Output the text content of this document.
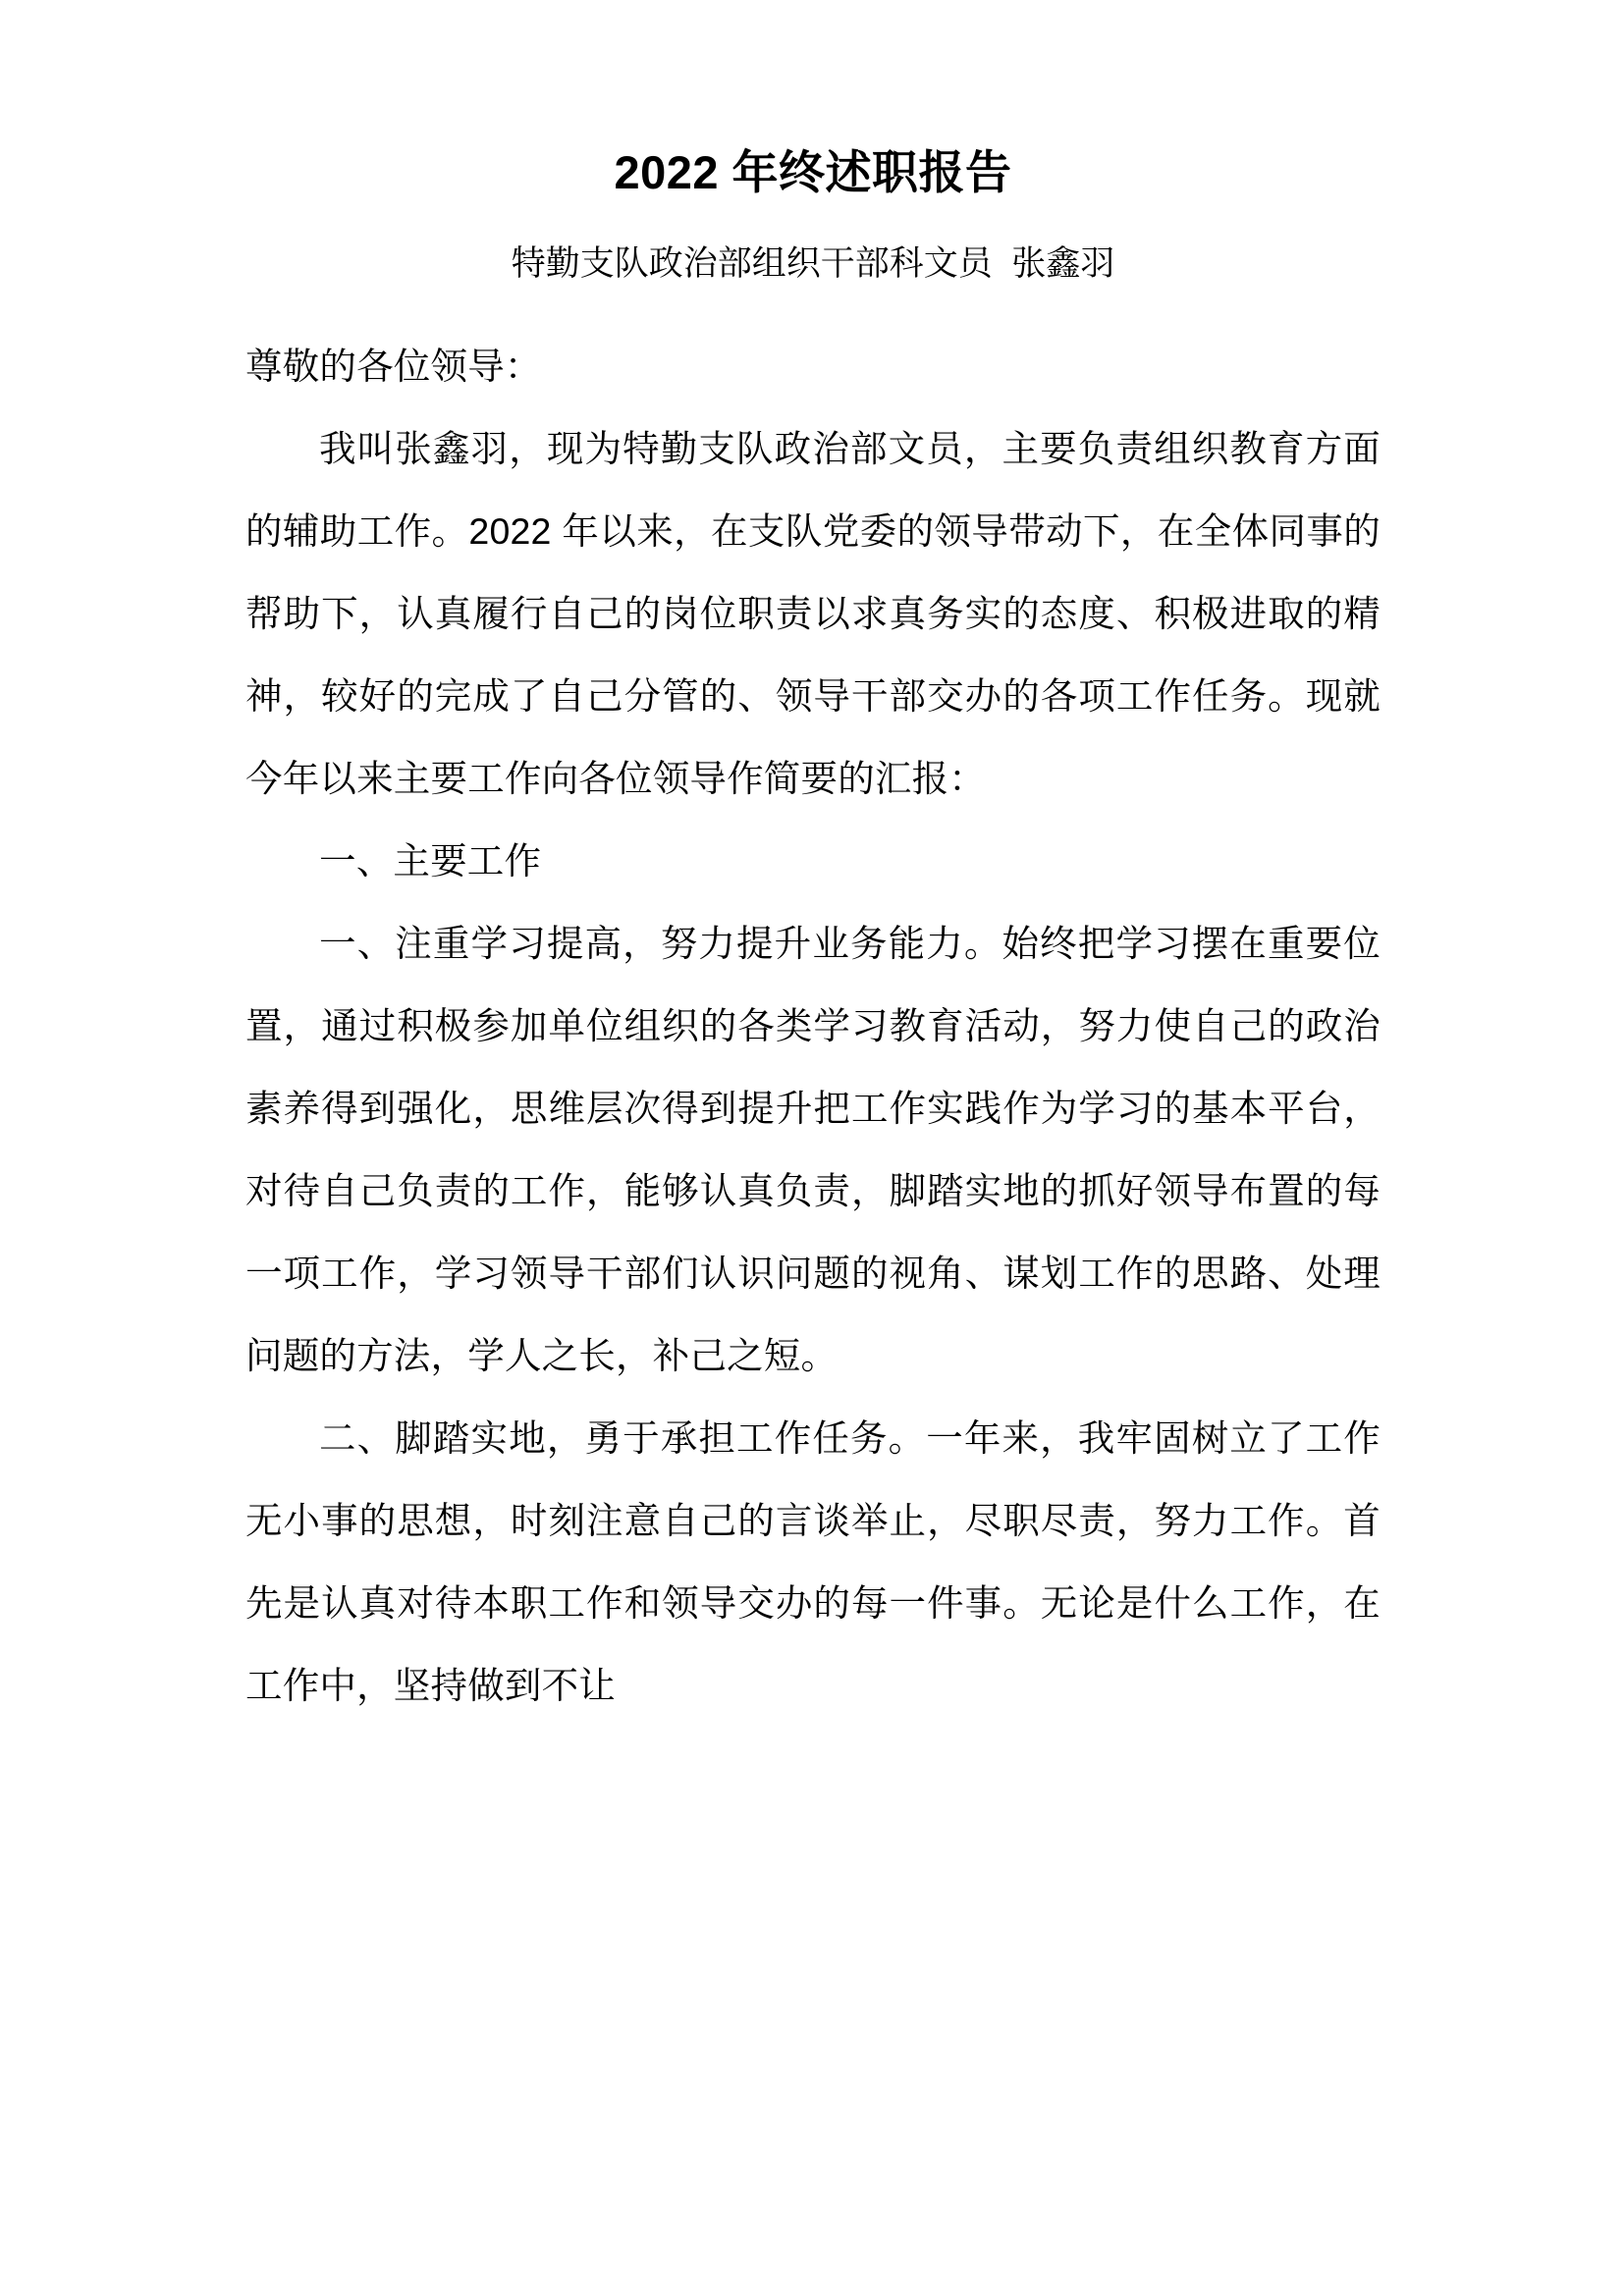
2022 年终述职报告
特勤支队政治部组织干部科文员  张鑫羽

尊敬的各位领导：

我叫张鑫羽，现为特勤支队政治部文员，主要负责组织教育方面的辅助工作。2022 年以来，在支队党委的领导带动下，在全体同事的帮助下，认真履行自己的岗位职责以求真务实的态度、积极进取的精神，较好的完成了自己分管的、领导干部交办的各项工作任务。现就今年以来主要工作向各位领导作简要的汇报：

一、主要工作

一、注重学习提高，努力提升业务能力。始终把学习摆在重要位置，通过积极参加单位组织的各类学习教育活动，努力使自己的政治素养得到强化，思维层次得到提升把工作实践作为学习的基本平台，对待自己负责的工作，能够认真负责，脚踏实地的抓好领导布置的每一项工作，学习领导干部们认识问题的视角、谋划工作的思路、处理问题的方法，学人之长，补己之短。

二、脚踏实地，勇于承担工作任务。一年来，我牢固树立了工作无小事的思想，时刻注意自己的言谈举止，尽职尽责，努力工作。首先是认真对待本职工作和领导交办的每一件事。无论是什么工作，在工作中，坚持做到不让
